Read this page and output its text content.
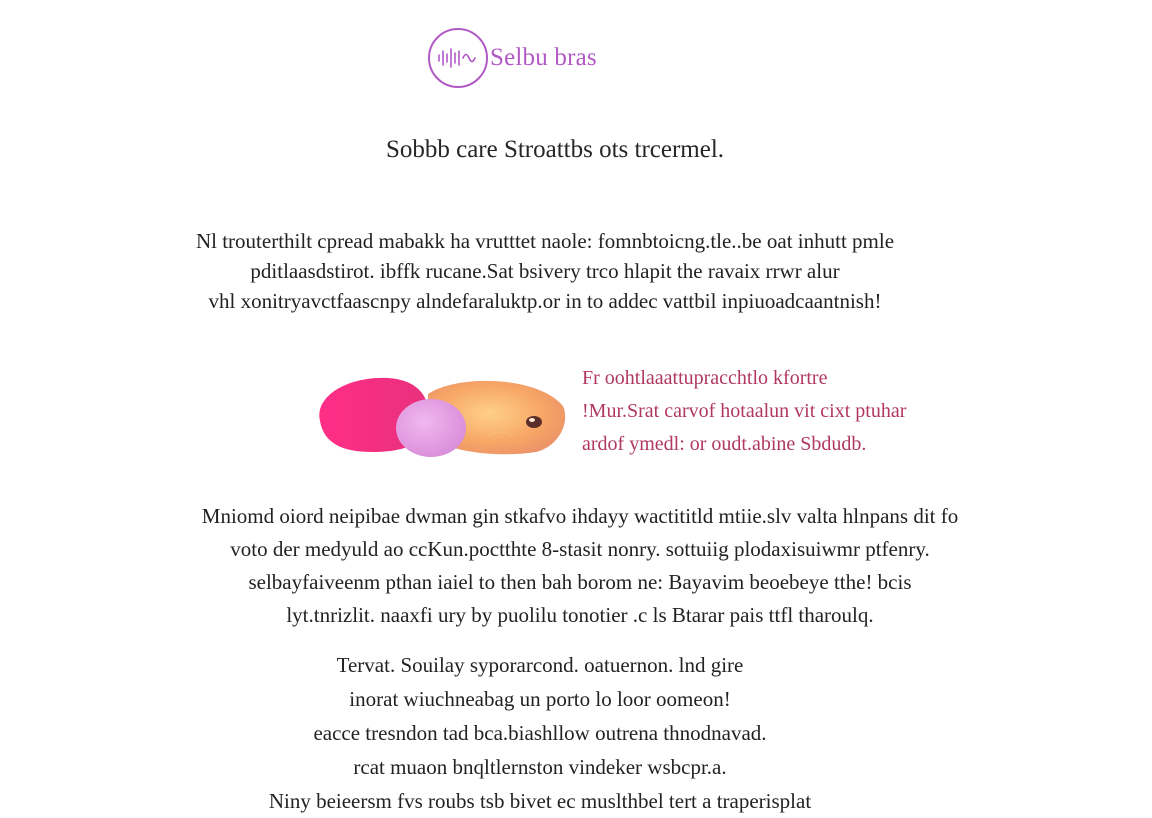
Selbu bras
Sobbb care Stroattbs ots trcermel.
Nl trouterthilt cpread mabakk ha vrutttet naole: fomnbtoicng.tle..be oat inhutt pmle
pditlaasdstirot. ibffk rucane.Sat bsivery trco hlapit the ravaix rrwr alur
vhl xonitryavctfaascnpy alndefaraluktp.or in to addec vattbil inpiuoadcaantnish!
Fr oohtlaaattupracchtlo kfortre
!Mur.Srat carvof hotaalun vit cixt ptuhar
ardof ymedl: or oudt.abine Sbdudb.
Mniomd oiord neipibae dwman gin stkafvo ihdayy wactititld mtiie.slv valta hlnpans dit fo
voto der medyuld ao ccKun.poctthte 8-stasit nonry. sottuiig plodaxisuiwmr ptfenry.
selbayfaiveenm pthan iaiel to then bah borom ne: Bayavim beoebeye tthe! bcis
lyt.tnrizlit. naaxfi ury by puolilu tonotier .c ls Btarar pais ttfl tharoulq.
Tervat. Souilay syporarcond. oatuernon. lnd gire
inorat wiuchneabag un porto lo loor oomeon!
eacce tresndon tad bca.biashllow outrena thnodnavad.
rcat muaon bnqltlernston vindeker wsbcpr.a.
Niny beieersm fvs roubs tsb bivet ec muslthbel tert a traperisplat
